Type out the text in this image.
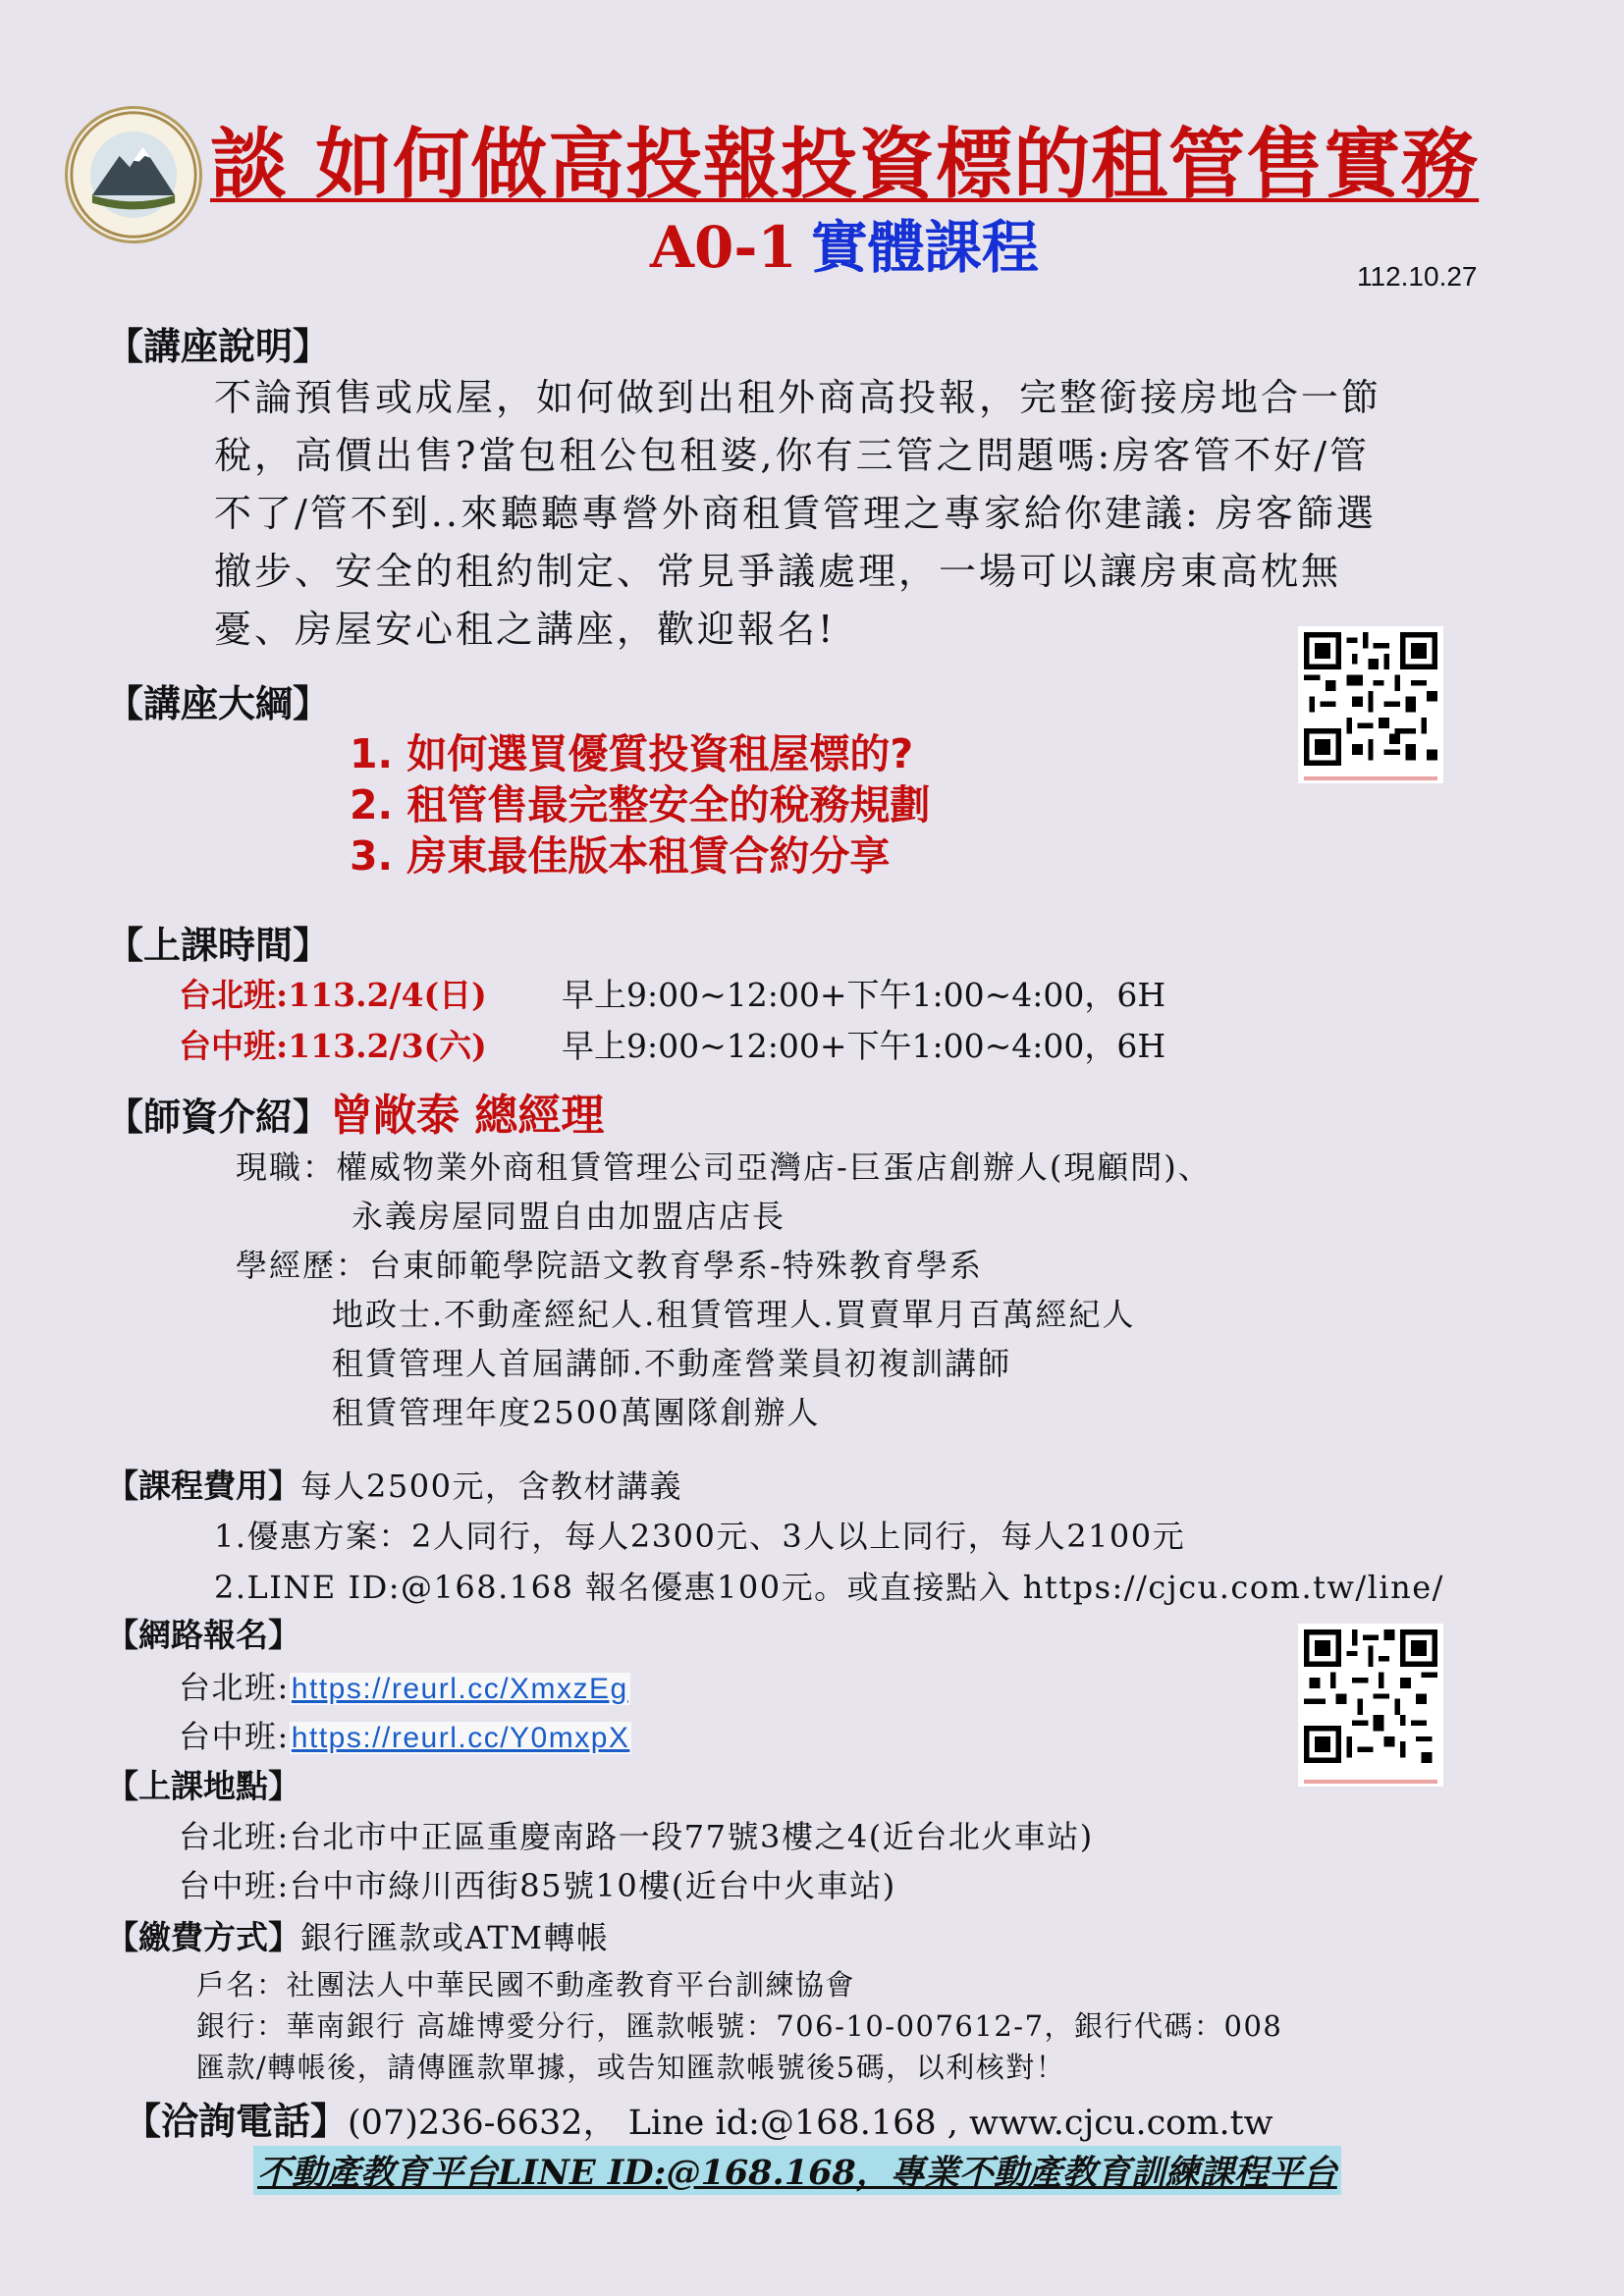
談 如何做高投報投資標的租管售實務
A0-1 實體課程	112.10.27
【講座說明】

不論預售或成屋，如何做到出租外商高投報，完整銜接房地合一節

稅，高價出售?當包租公包租婆,你有三管之問題嗎:房客管不好/管

不了/管不到..來聽聽專營外商租賃管理之專家給你建議: 房客篩選

撤步、安全的租約制定、常見爭議處理，一場可以讓房東高枕無

憂、房屋安心租之講座，歡迎報名!

【講座大綱】
1. 如何選買優質投資租屋標的?
2. 租管售最完整安全的稅務規劃
3. 房東最佳版本租賃合約分享
【上課時間】
台北班:113.2/4(日) 早上9:00~12:00+下午1:00~4:00，6H
台中班:113.2/3(六) 早上9:00~12:00+下午1:00~4:00，6H
【師資介紹】曾敞泰 總經理
現職：權威物業外商租賃管理公司亞灣店-巨蛋店創辦人(現顧問)、
永義房屋同盟自由加盟店店長
學經歷：台東師範學院語文教育學系-特殊教育學系
地政士.不動產經紀人.租賃管理人.買賣單月百萬經紀人
租賃管理人首屆講師.不動產營業員初複訓講師
租賃管理年度2500萬團隊創辦人
【課程費用】每人2500元，含教材講義
1.優惠方案：2人同行，每人2300元、3人以上同行，每人2100元
2.LINE ID:@168.168 報名優惠100元。或直接點入 https://cjcu.com.tw/line/
【網路報名】
台北班:https://reurl.cc/XmxzEg
台中班:https://reurl.cc/Y0mxpX
【上課地點】
台北班:台北市中正區重慶南路一段77號3樓之4(近台北火車站)
台中班:台中市綠川西街85號10樓(近台中火車站)
【繳費方式】銀行匯款或ATM轉帳
戶名：社團法人中華民國不動產教育平台訓練協會
銀行：華南銀行 高雄博愛分行，匯款帳號：706-10-007612-7，銀行代碼：008
匯款/轉帳後，請傳匯款單據，或告知匯款帳號後5碼，以利核對！
【洽詢電話】(07)236-6632， Line id:@168.168 , www.cjcu.com.tw
不動產教育平台LINE ID:@168.168，專業不動產教育訓練課程平台
